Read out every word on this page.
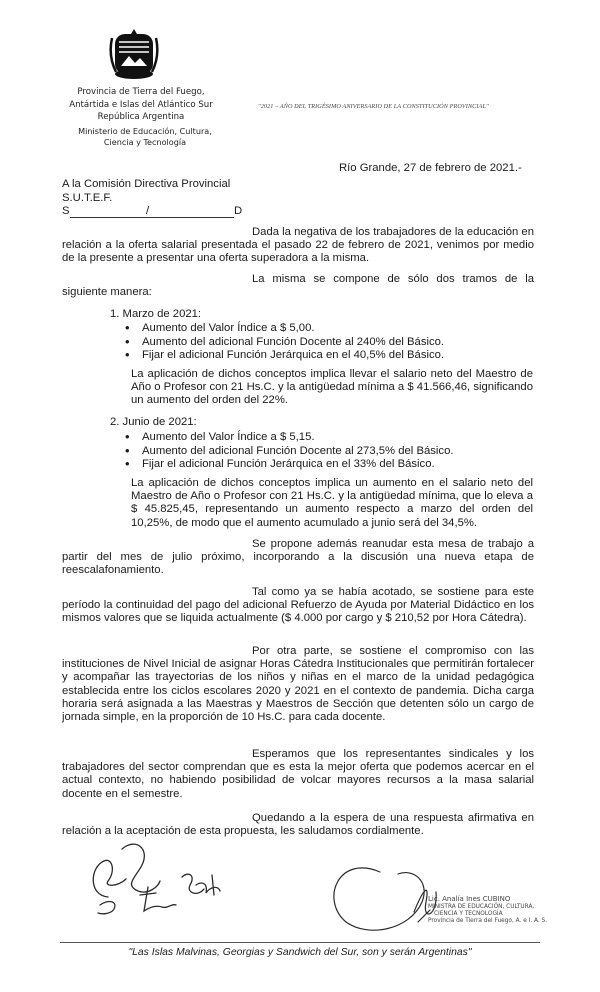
Provincia de Tierra del Fuego,
Antártida e Islas del Atlántico Sur
República Argentina
Ministerio de Educación, Cultura,
Ciencia y Tecnología
"2021 – AÑO DEL TRIGÉSIMO ANIVERSARIO DE LA CONSTITUCIÓN PROVINCIAL"
Río Grande, 27 de febrero de 2021.-
A la Comisión Directiva Provincial
S.U.T.E.F.
S	/	D
Dada la negativa de los trabajadores de la educación en relación a la oferta salarial presentada el pasado 22 de febrero de 2021, venimos por medio de la presente a presentar una oferta superadora a la misma.
La misma se compone de sólo dos tramos de la siguiente manera:
1. Marzo de 2021:
• Aumento del Valor Índice a $ 5,00.
• Aumento del adicional Función Docente al 240% del Básico.
• Fijar el adicional Función Jerárquica en el 40,5% del Básico.
La aplicación de dichos conceptos implica llevar el salario neto del Maestro de Año o Profesor con 21 Hs.C. y la antigüedad mínima a $ 41.566,46, significando un aumento del orden del 22%.
2. Junio de 2021:
• Aumento del Valor Índice a $ 5,15.
• Aumento del adicional Función Docente al 273,5% del Básico.
• Fijar el adicional Función Jerárquica en el 33% del Básico.
La aplicación de dichos conceptos implica un aumento en el salario neto del Maestro de Año o Profesor con 21 Hs.C. y la antigüedad mínima, que lo eleva a $ 45.825,45, representando un aumento respecto a marzo del orden del 10,25%, de modo que el aumento acumulado a junio será del 34,5%.
Se propone además reanudar esta mesa de trabajo a partir del mes de julio próximo, incorporando a la discusión una nueva etapa de reescalafonamiento.
Tal como ya se había acotado, se sostiene para este período la continuidad del pago del adicional Refuerzo de Ayuda por Material Didáctico en los mismos valores que se liquida actualmente ($ 4.000 por cargo y $ 210,52 por Hora Cátedra).
Por otra parte, se sostiene el compromiso con las instituciones de Nivel Inicial de asignar Horas Cátedra Institucionales que permitirán fortalecer y acompañar las trayectorias de los niños y niñas en el marco de la unidad pedagógica establecida entre los ciclos escolares 2020 y 2021 en el contexto de pandemia. Dicha carga horaria será asignada a las Maestras y Maestros de Sección que detenten sólo un cargo de jornada simple, en la proporción de 10 Hs.C. para cada docente.
Esperamos que los representantes sindicales y los trabajadores del sector comprendan que es esta la mejor oferta que podemos acercar en el actual contexto, no habiendo posibilidad de volcar mayores recursos a la masa salarial docente en el semestre.
Quedando a la espera de una respuesta afirmativa en relación a la aceptación de esta propuesta, les saludamos cordialmente.
Lic. Analía Ines CUBINO
MINISTRA DE EDUCACIÓN, CULTURA,
CIENCIA Y TECNOLOGÍA
Provincia de Tierra del Fuego, A. e I. A. S.
"Las Islas Malvinas, Georgias y Sandwich del Sur, son y serán Argentinas"
